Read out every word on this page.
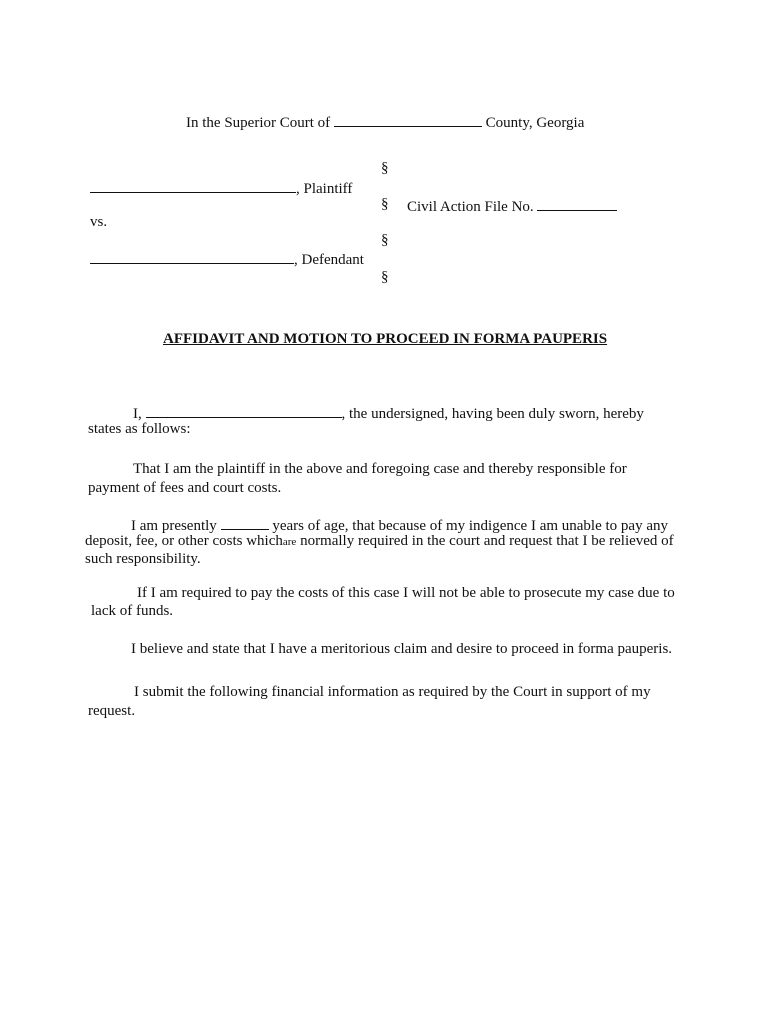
In the Superior Court of	County, Georgia
§
§
§
§
, Plaintiff
Civil Action File No.
vs.
, Defendant
AFFIDAVIT AND MOTION TO PROCEED IN FORMA PAUPERIS
I,	, the undersigned, having been duly sworn, hereby
states as follows:
That I am the plaintiff in the above and foregoing case and thereby responsible for
payment of fees and court costs.
I am presently	years of age, that because of my indigence I am unable to pay any
deposit, fee, or other costs whichare normally required in the court and request that I be relieved of
such responsibility.
If I am required to pay the costs of this case I will not be able to prosecute my case due to
lack of funds.
I believe and state that I have a meritorious claim and desire to proceed in forma pauperis.
I submit the following financial information as required by the Court in support of my
request.
